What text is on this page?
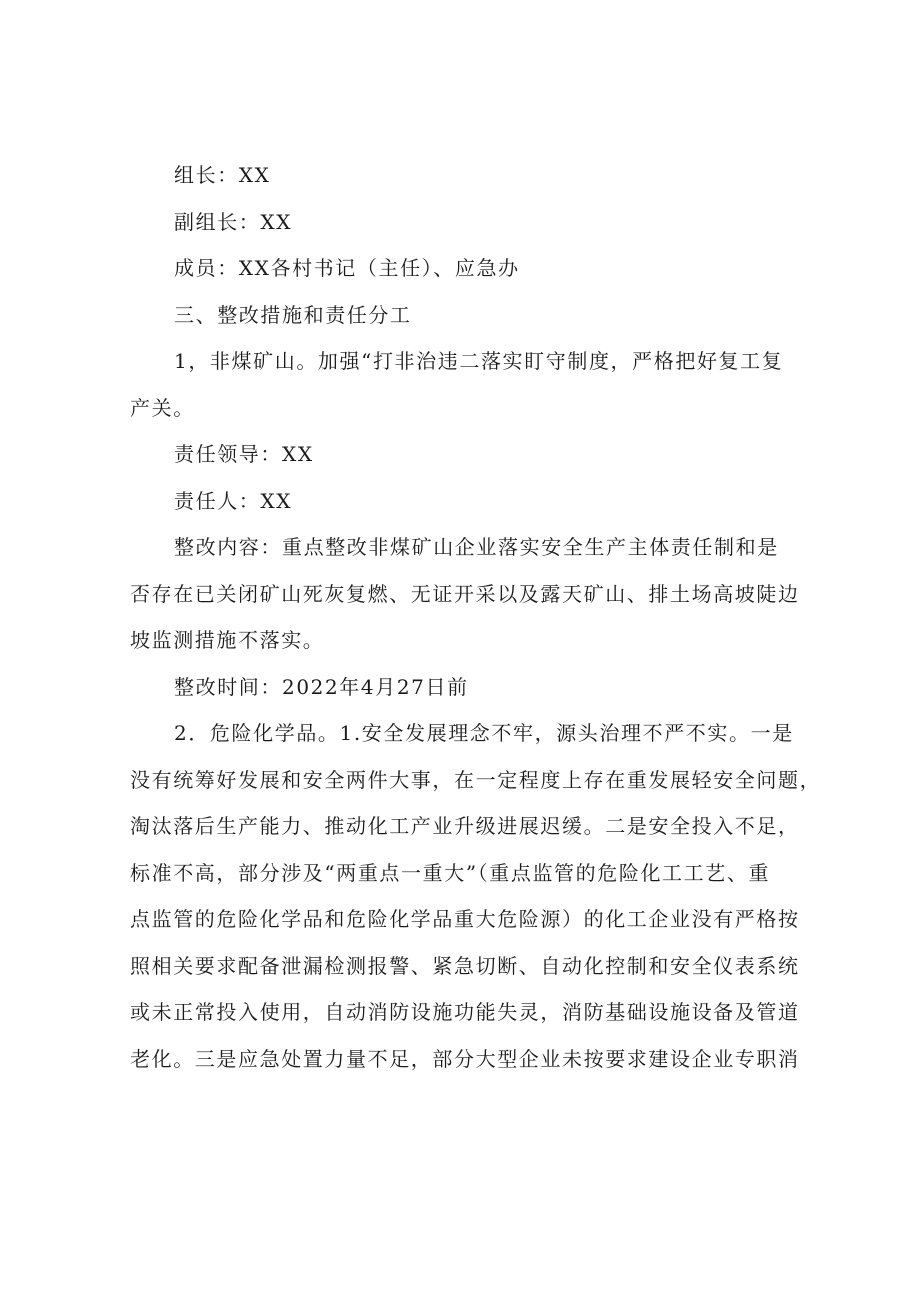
组长：XX

副组长：XX

成员：XX各村书记（主任）、应急办

三、整改措施和责任分工

1，非煤矿山。加强“打非治违二落实盯守制度，严格把好复工复
产关。

责任领导：XX

责任人：XX

整改内容：重点整改非煤矿山企业落实安全生产主体责任制和是
否存在已关闭矿山死灰复燃、无证开采以及露天矿山、排土场高坡陡边
坡监测措施不落实。

整改时间：2022年4月27日前

2．危险化学品。1.安全发展理念不牢，源头治理不严不实。一是
没有统筹好发展和安全两件大事，在一定程度上存在重发展轻安全问题，
淘汰落后生产能力、推动化工产业升级进展迟缓。二是安全投入不足，
标准不高，部分涉及“两重点一重大”（重点监管的危险化工工艺、重
点监管的危险化学品和危险化学品重大危险源）的化工企业没有严格按
照相关要求配备泄漏检测报警、紧急切断、自动化控制和安全仪表系统
或未正常投入使用，自动消防设施功能失灵，消防基础设施设备及管道
老化。三是应急处置力量不足，部分大型企业未按要求建设企业专职消
